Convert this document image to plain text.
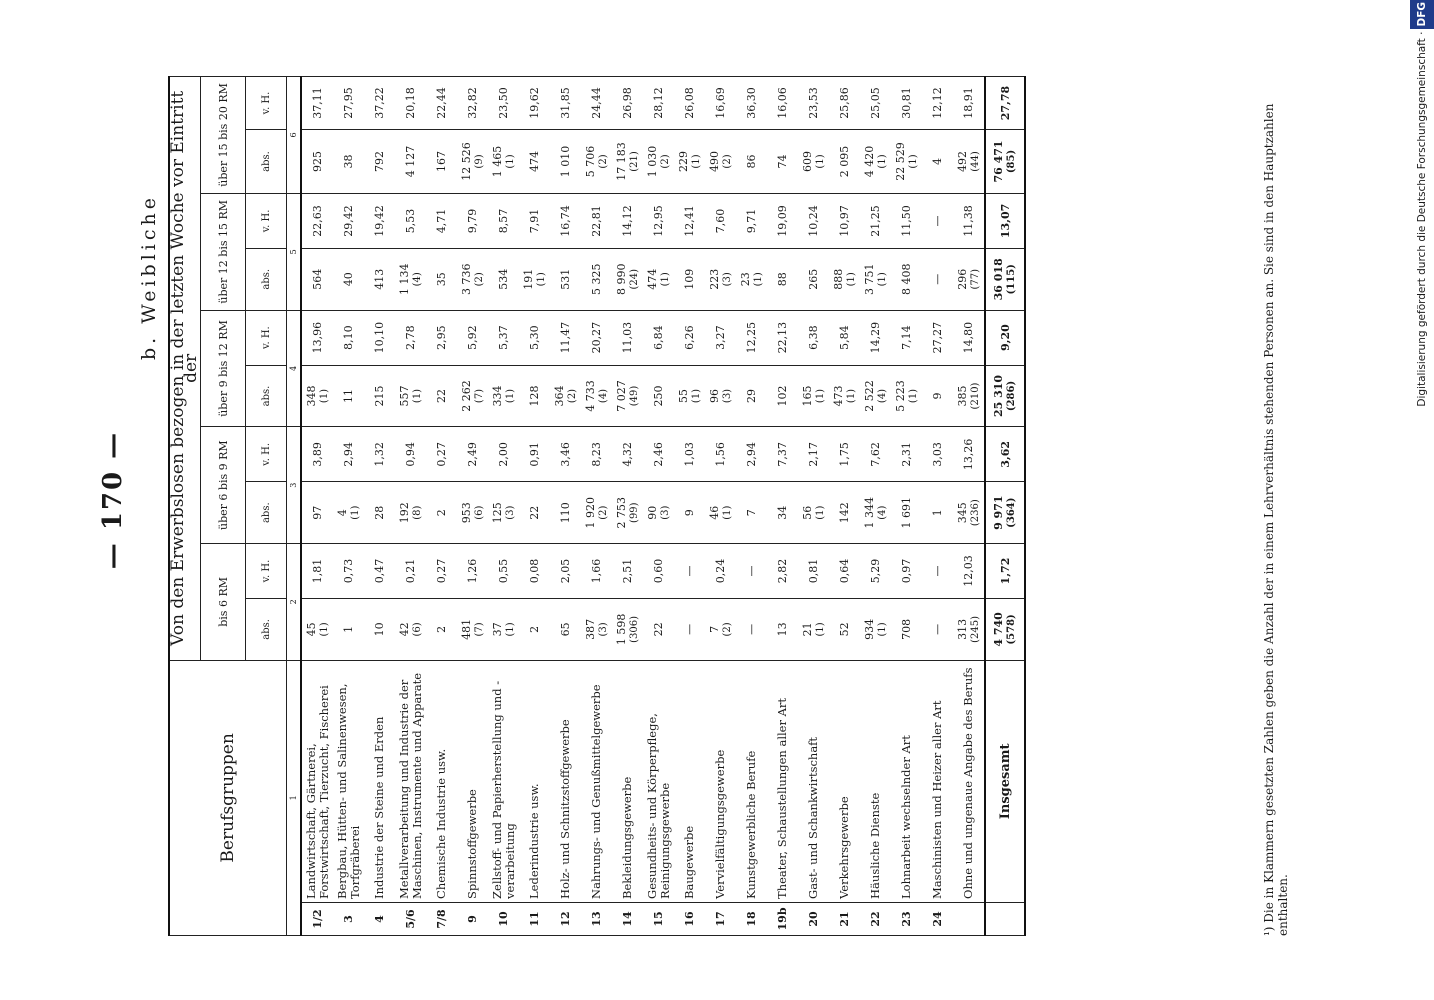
— 170 —
b. Weibliche
Berufsgruppen		Von den Erwerbslosen bezogen in der letzten Woche vor Eintritt der									
		bis 6 RM		über 6 bis 9 RM		über 9 bis 12 RM		über 12 bis 15 RM		über 15 bis 20 RM	
		abs.	v. H.	abs.	v. H.	abs.	v. H.	abs.	v. H.	abs.	v. H.
1		2		3		4		5		6	
1/2	Landwirtschaft, Gärtnerei, Forstwirtschaft, Tierzucht, Fischerei	45 (1)	1,81	97	3,89	348 (1)	13,96	564	22,63	925	37,11
3	Bergbau, Hütten- und Salinenwesen, Torfgräberei	1	0,73	4 (1)	2,94	11	8,10	40	29,42	38	27,95
4	Industrie der Steine und Erden	10	0,47	28	1,32	215	10,10	413	19,42	792	37,22
5/6	Metallverarbeitung und Industrie der Maschinen, Instrumente und Apparate	42 (6)	0,21	192 (8)	0,94	557 (1)	2,78	1 134 (4)	5,53	4 127	20,18
7/8	Chemische Industrie usw.	2	0,27	2	0,27	22	2,95	35	4,71	167	22,44
9	Spinnstoffgewerbe	481 (7)	1,26	953 (6)	2,49	2 262 (7)	5,92	3 736 (2)	9,79	12 526 (9)	32,82
10	Zellstoff- und Papierherstellung und -verarbeitung	37 (1)	0,55	125 (3)	2,00	334 (1)	5,37	534	8,57	1 465 (1)	23,50
11	Lederindustrie usw.	2	0,08	22	0,91	128	5,30	191 (1)	7,91	474	19,62
12	Holz- und Schnitzstoffgewerbe	65	2,05	110	3,46	364 (2)	11,47	531	16,74	1 010	31,85
13	Nahrungs- und Genußmittelgewerbe	387 (3)	1,66	1 920 (2)	8,23	4 733 (4)	20,27	5 325	22,81	5 706 (2)	24,44
14	Bekleidungsgewerbe	1 598 (306)	2,51	2 753 (99)	4,32	7 027 (49)	11,03	8 990 (24)	14,12	17 183 (21)	26,98
15	Gesundheits- und Körperpflege, Reinigungsgewerbe	22	0,60	90 (3)	2,46	250	6,84	474 (1)	12,95	1 030 (2)	28,12
16	Baugewerbe	—	—	9	1,03	55 (1)	6,26	109	12,41	229 (1)	26,08
17	Vervielfältigungsgewerbe	7 (2)	0,24	46 (1)	1,56	96 (3)	3,27	223 (3)	7,60	490 (2)	16,69
18	Kunstgewerbliche Berufe	—	—	7	2,94	29	12,25	23 (1)	9,71	86	36,30
19b	Theater, Schaustellungen aller Art	13	2,82	34	7,37	102	22,13	88	19,09	74	16,06
20	Gast- und Schankwirtschaft	21 (1)	0,81	56 (1)	2,17	165 (1)	6,38	265	10,24	609 (1)	23,53
21	Verkehrsgewerbe	52	0,64	142	1,75	473 (1)	5,84	888 (1)	10,97	2 095	25,86
22	Häusliche Dienste	934 (1)	5,29	1 344 (4)	7,62	2 522 (4)	14,29	3 751 (1)	21,25	4 420 (1)	25,05
23	Lohnarbeit wechselnder Art	708	0,97	1 691	2,31	5 223 (1)	7,14	8 408	11,50	22 529 (1)	30,81
24	Maschinisten und Heizer aller Art	—	—	1	3,03	9	27,27	—	—	4	12,12
	Ohne und ungenaue Angabe des Berufs	313 (245)	12,03	345 (236)	13,26	385 (210)	14,80	296 (77)	11,38	492 (44)	18,91
	Insgesamt	4 740 (578)	1,72	9 971 (364)	3,62	25 310 (286)	9,20	36 018 (115)	13,07	76 471 (85)	27,78
¹) Die in Klammern gesetzten Zahlen geben die Anzahl der in einem Lehrverhältnis stehenden Personen an. Sie sind in den Hauptzahlen enthalten.
Digitalisierung gefördert durch die Deutsche Forschungsgemeinschaft ·DFG
